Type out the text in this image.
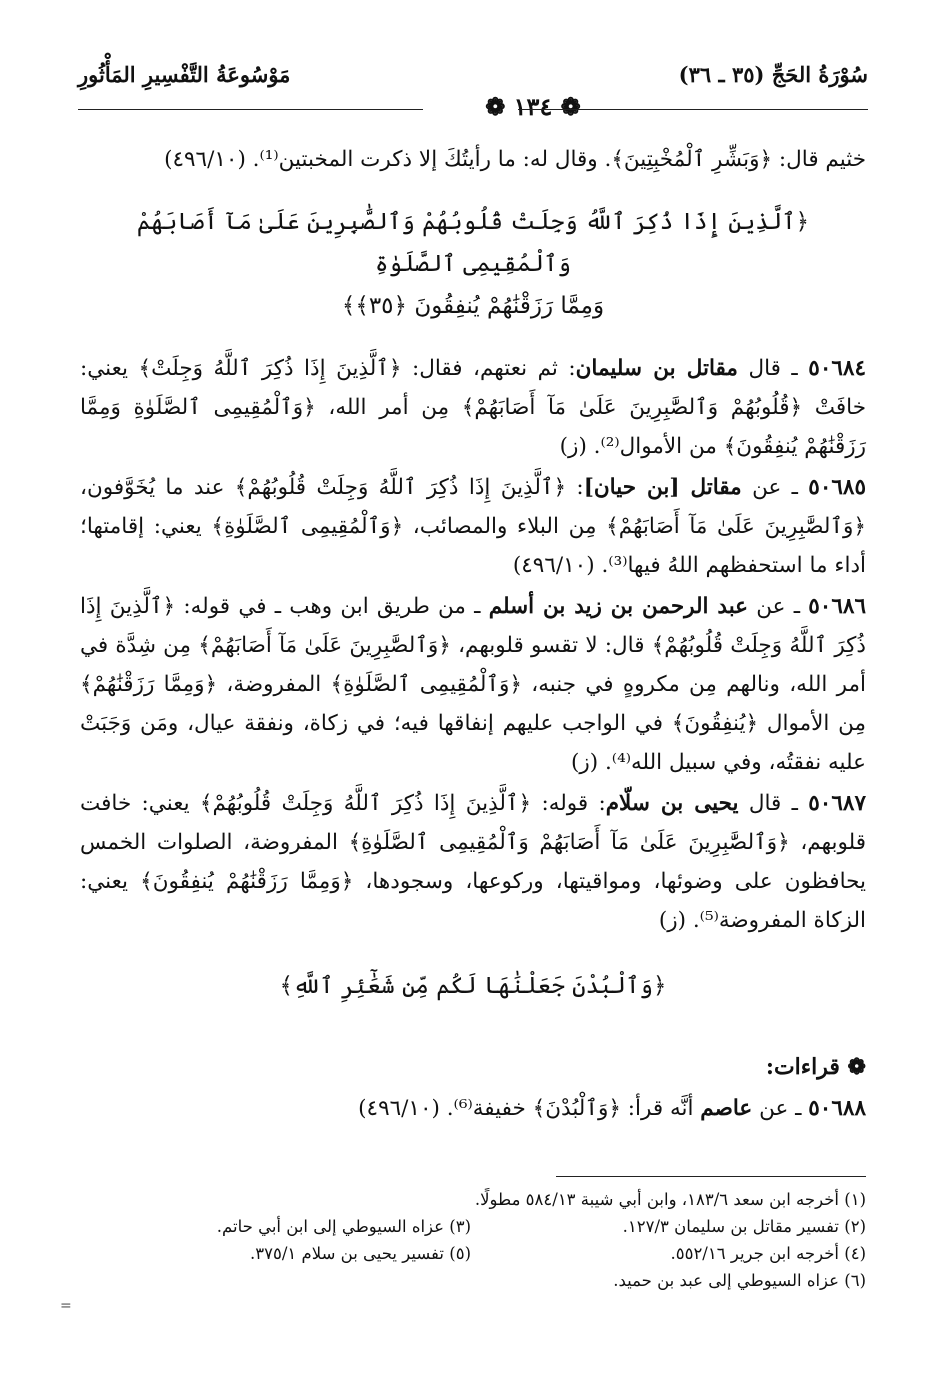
سُوْرَةُ الحَجِّ (٣٥ ـ ٣٦)
مَوْسُوعَةُ التَّفْسِيرِ المَأْثُورِ
❁ ١٣٤ ❁

خثيم قال: ﴿وَبَشِّرِ ٱلْمُخْبِتِينَ﴾. وقال له: ما رأيتُكَ إلا ذكرت المخبتين⁽¹⁾. (٤٩٦/١٠)

﴿ٱلَّذِينَ إِذَا ذُكِرَ ٱللَّهُ وَجِلَتْ قُلُوبُهُمْ وَٱلصَّٰبِرِينَ عَلَىٰ مَآ أَصَابَهُمْ وَٱلْمُقِيمِى ٱلصَّلَوٰةِ
وَمِمَّا رَزَقْنَٰهُمْ يُنفِقُونَ ﴿٣٥﴾﴾

٥٠٦٨٤ ـ قال مقاتل بن سليمان: ثم نعتهم، فقال: ﴿ٱلَّذِينَ إِذَا ذُكِرَ ٱللَّهُ وَجِلَتْ﴾ يعني: خافَتْ ﴿قُلُوبُهُمْ وَٱلصَّٰبِرِينَ عَلَىٰ مَآ أَصَابَهُمْ﴾ مِن أمر الله، ﴿وَٱلْمُقِيمِى ٱلصَّلَوٰةِ وَمِمَّا رَزَقْنَٰهُمْ يُنفِقُونَ﴾ من الأموال⁽²⁾. (ز)

٥٠٦٨٥ ـ عن مقاتل [بن حيان]: ﴿ٱلَّذِينَ إِذَا ذُكِرَ ٱللَّهُ وَجِلَتْ قُلُوبُهُمْ﴾ عند ما يُخَوَّفون، ﴿وَٱلصَّٰبِرِينَ عَلَىٰ مَآ أَصَابَهُمْ﴾ مِن البلاء والمصائب، ﴿وَٱلْمُقِيمِى ٱلصَّلَوٰةِ﴾ يعني: إقامتها؛ أداء ما استحفظهم اللهُ فيها⁽³⁾. (٤٩٦/١٠)

٥٠٦٨٦ ـ عن عبد الرحمن بن زيد بن أسلم ـ من طريق ابن وهب ـ في قوله: ﴿ٱلَّذِينَ إِذَا ذُكِرَ ٱللَّهُ وَجِلَتْ قُلُوبُهُمْ﴾ قال: لا تقسو قلوبهم، ﴿وَٱلصَّٰبِرِينَ عَلَىٰ مَآ أَصَابَهُمْ﴾ مِن شِدَّة في أمر الله، ونالهم مِن مكروهٍ في جنبه، ﴿وَٱلْمُقِيمِى ٱلصَّلَوٰةِ﴾ المفروضة، ﴿وَمِمَّا رَزَقْنَٰهُمْ﴾ مِن الأموال ﴿يُنفِقُونَ﴾ في الواجب عليهم إنفاقها فيه؛ في زكاة، ونفقة عيال، ومَن وَجَبَتْ عليه نفقتُه، وفي سبيل الله⁽⁴⁾. (ز)

٥٠٦٨٧ ـ قال يحيى بن سلّام: قوله: ﴿ٱلَّذِينَ إِذَا ذُكِرَ ٱللَّهُ وَجِلَتْ قُلُوبُهُمْ﴾ يعني: خافت قلوبهم، ﴿وَٱلصَّٰبِرِينَ عَلَىٰ مَآ أَصَابَهُمْ وَٱلْمُقِيمِى ٱلصَّلَوٰةِ﴾ المفروضة، الصلوات الخمس يحافظون على وضوئها، ومواقيتها، وركوعها، وسجودها، ﴿وَمِمَّا رَزَقْنَٰهُمْ يُنفِقُونَ﴾ يعني: الزكاة المفروضة⁽⁵⁾. (ز)

﴿وَٱلْبُدْنَ جَعَلْنَٰهَا لَكُم مِّن شَعَٰٓئِرِ ٱللَّهِ﴾

❁ قراءات:

٥٠٦٨٨ ـ عن عاصم أنَّه قرأ: ﴿وَٱلْبُدْنَ﴾ خفيفة⁽⁶⁾. (٤٩٦/١٠)

(١) أخرجه ابن سعد ١٨٣/٦، وابن أبي شيبة ٥٨٤/١٣ مطولًا.
(٢) تفسير مقاتل بن سليمان ١٢٧/٣.
(٣) عزاه السيوطي إلى ابن أبي حاتم.
(٤) أخرجه ابن جرير ٥٥٢/١٦.
(٥) تفسير يحيى بن سلام ٣٧٥/١.
(٦) عزاه السيوطي إلى عبد بن حميد.
=
